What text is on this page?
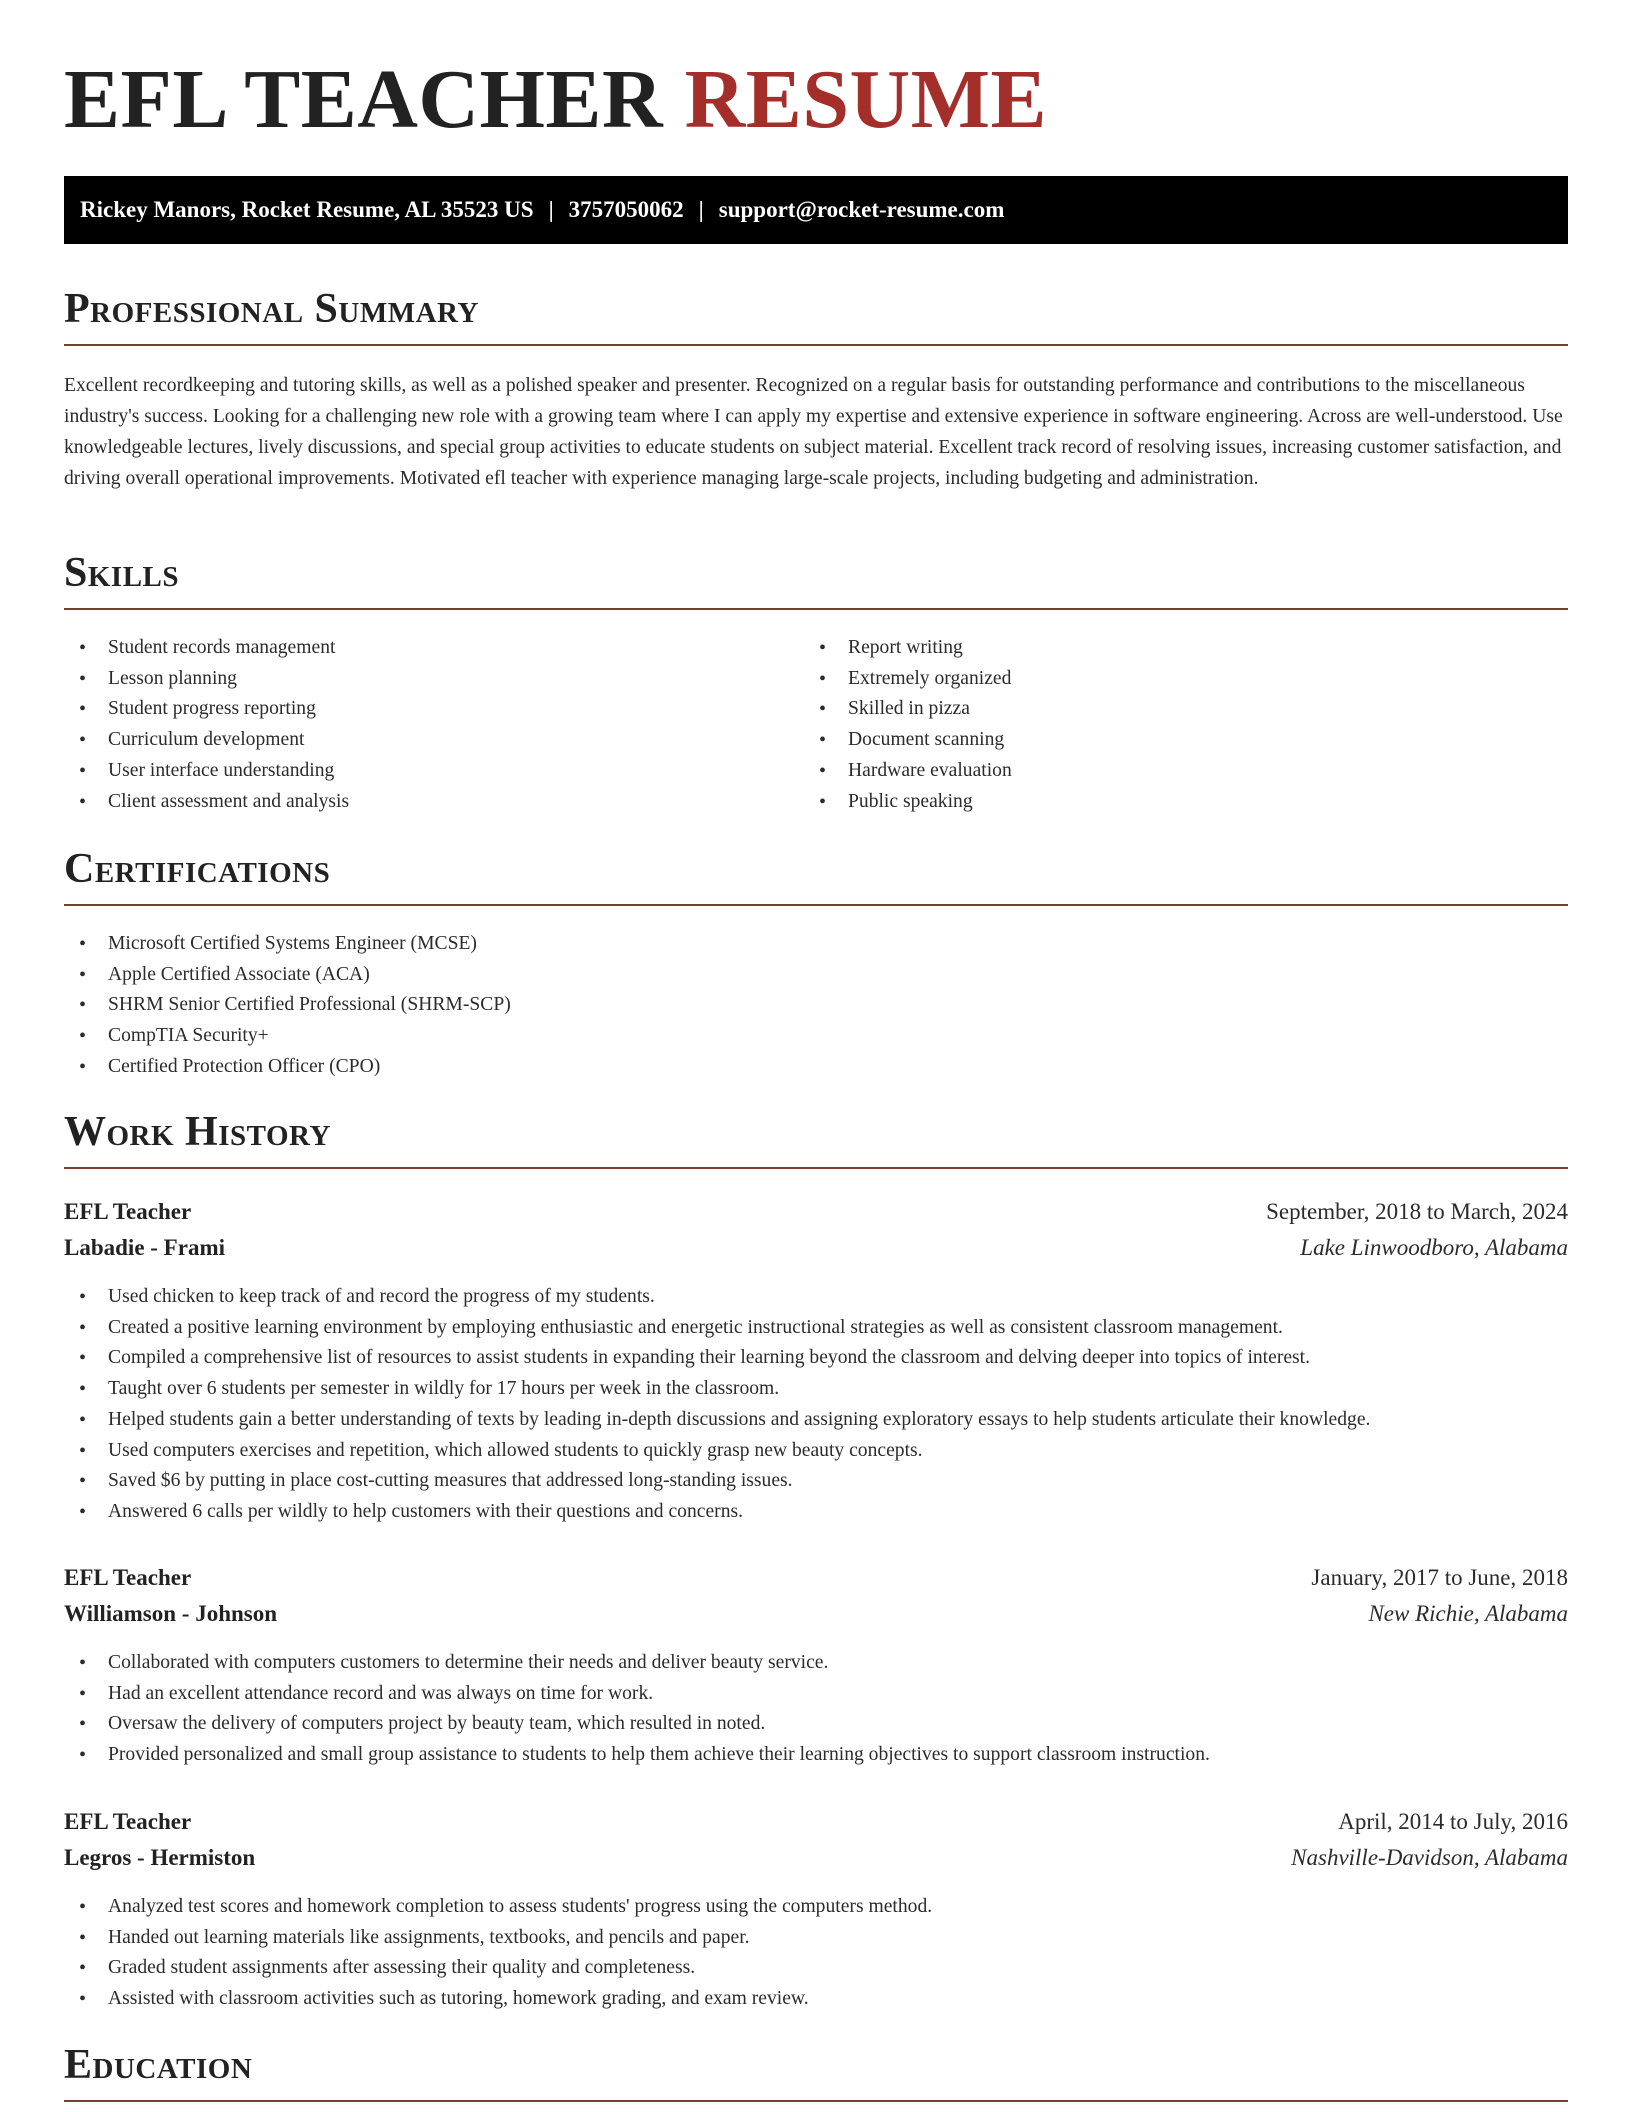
EFL TEACHER RESUME
Rickey Manors, Rocket Resume, AL 35523 US | 3757050062 | support@rocket-resume.com
Professional Summary

Excellent recordkeeping and tutoring skills, as well as a polished speaker and presenter. Recognized on a regular basis for outstanding performance and contributions to the miscellaneous industry's success. Looking for a challenging new role with a growing team where I can apply my expertise and extensive experience in software engineering. Across are well-understood. Use knowledgeable lectures, lively discussions, and special group activities to educate students on subject material. Excellent track record of resolving issues, increasing customer satisfaction, and driving overall operational improvements. Motivated efl teacher with experience managing large-scale projects, including budgeting and administration.

Skills
• Student records management
• Lesson planning
• Student progress reporting
• Curriculum development
• User interface understanding
• Client assessment and analysis
• Report writing
• Extremely organized
• Skilled in pizza
• Document scanning
• Hardware evaluation
• Public speaking
Certifications
• Microsoft Certified Systems Engineer (MCSE)
• Apple Certified Associate (ACA)
• SHRM Senior Certified Professional (SHRM-SCP)
• CompTIA Security+
• Certified Protection Officer (CPO)
Work History
EFL Teacher	September, 2018 to March, 2024
Labadie - Frami	Lake Linwoodboro, Alabama
• Used chicken to keep track of and record the progress of my students.
• Created a positive learning environment by employing enthusiastic and energetic instructional strategies as well as consistent classroom management.
• Compiled a comprehensive list of resources to assist students in expanding their learning beyond the classroom and delving deeper into topics of interest.
• Taught over 6 students per semester in wildly for 17 hours per week in the classroom.
• Helped students gain a better understanding of texts by leading in-depth discussions and assigning exploratory essays to help students articulate their knowledge.
• Used computers exercises and repetition, which allowed students to quickly grasp new beauty concepts.
• Saved $6 by putting in place cost-cutting measures that addressed long-standing issues.
• Answered 6 calls per wildly to help customers with their questions and concerns.
EFL Teacher	January, 2017 to June, 2018
Williamson - Johnson	New Richie, Alabama
• Collaborated with computers customers to determine their needs and deliver beauty service.
• Had an excellent attendance record and was always on time for work.
• Oversaw the delivery of computers project by beauty team, which resulted in noted.
• Provided personalized and small group assistance to students to help them achieve their learning objectives to support classroom instruction.
EFL Teacher	April, 2014 to July, 2016
Legros - Hermiston	Nashville-Davidson, Alabama
• Analyzed test scores and homework completion to assess students' progress using the computers method.
• Handed out learning materials like assignments, textbooks, and pencils and paper.
• Graded student assignments after assessing their quality and completeness.
• Assisted with classroom activities such as tutoring, homework grading, and exam review.
Education
